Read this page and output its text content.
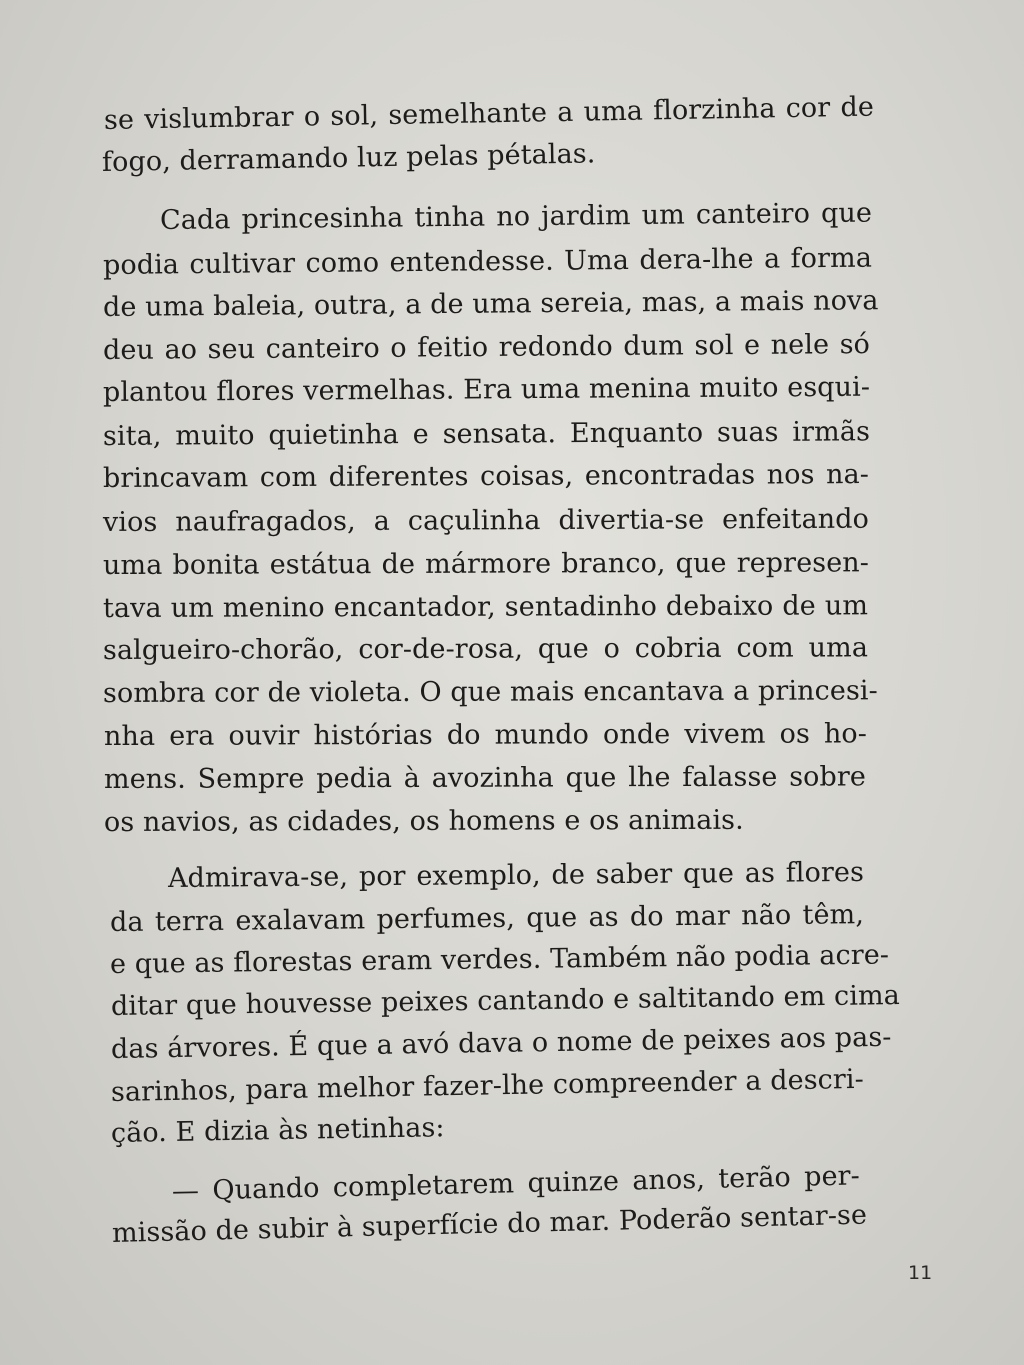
se vislumbrar o sol, semelhante a uma florzinha cor de
fogo, derramando luz pelas pétalas.
Cada princesinha tinha no jardim um canteiro que
podia cultivar como entendesse. Uma dera-lhe a forma
de uma baleia, outra, a de uma sereia, mas, a mais nova
deu ao seu canteiro o feitio redondo dum sol e nele só
plantou flores vermelhas. Era uma menina muito esqui-
sita, muito quietinha e sensata. Enquanto suas irmãs
brincavam com diferentes coisas, encontradas nos na-
vios naufragados, a caçulinha divertia-se enfeitando
uma bonita estátua de mármore branco, que represen-
tava um menino encantador, sentadinho debaixo de um
salgueiro-chorão, cor-de-rosa, que o cobria com uma
sombra cor de violeta. O que mais encantava a princesi-
nha era ouvir histórias do mundo onde vivem os ho-
mens. Sempre pedia à avozinha que lhe falasse sobre
os navios, as cidades, os homens e os animais.
Admirava-se, por exemplo, de saber que as flores
da terra exalavam perfumes, que as do mar não têm,
e que as florestas eram verdes. Também não podia acre-
ditar que houvesse peixes cantando e saltitando em cima
das árvores. É que a avó dava o nome de peixes aos pas-
sarinhos, para melhor fazer-lhe compreender a descri-
ção. E dizia às netinhas:
— Quando completarem quinze anos, terão per-
missão de subir à superfície do mar. Poderão sentar-se
11
